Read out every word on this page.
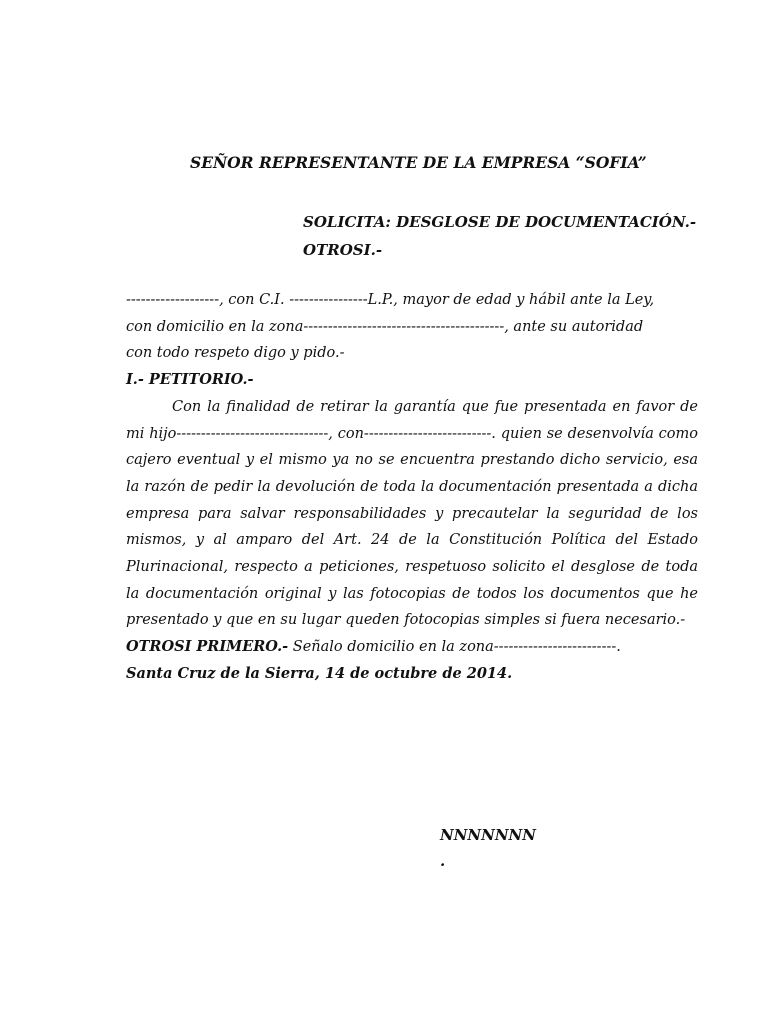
SEÑOR REPRESENTANTE DE LA EMPRESA “SOFIA”
SOLICITA: DESGLOSE DE DOCUMENTACIÓN.-
OTROSI.-

-------------------, con C.I. ----------------L.P., mayor de edad y hábil ante la Ley,

con domicilio en la zona-----------------------------------------, ante su autoridad

con todo respeto digo y pido.-

I.- PETITORIO.-

Con la finalidad de retirar la garantía que fue presentada en favor de mi hijo-------------------------------, con--------------------------. quien se desenvolvía como cajero eventual y el mismo ya no se encuentra prestando dicho servicio, esa la razón de pedir la devolución de toda la documentación presentada a dicha empresa para salvar responsabilidades y precautelar la seguridad de los mismos, y al amparo del Art. 24 de la Constitución Política del Estado Plurinacional, respecto a peticiones, respetuoso solicito el desglose de toda la documentación original y las fotocopias de todos los documentos que he presentado y que en su lugar queden fotocopias simples si fuera necesario.-

OTROSI PRIMERO.- Señalo domicilio en la zona-------------------------.

Santa Cruz de la Sierra, 14 de octubre de 2014.

NNNNNNN
.
